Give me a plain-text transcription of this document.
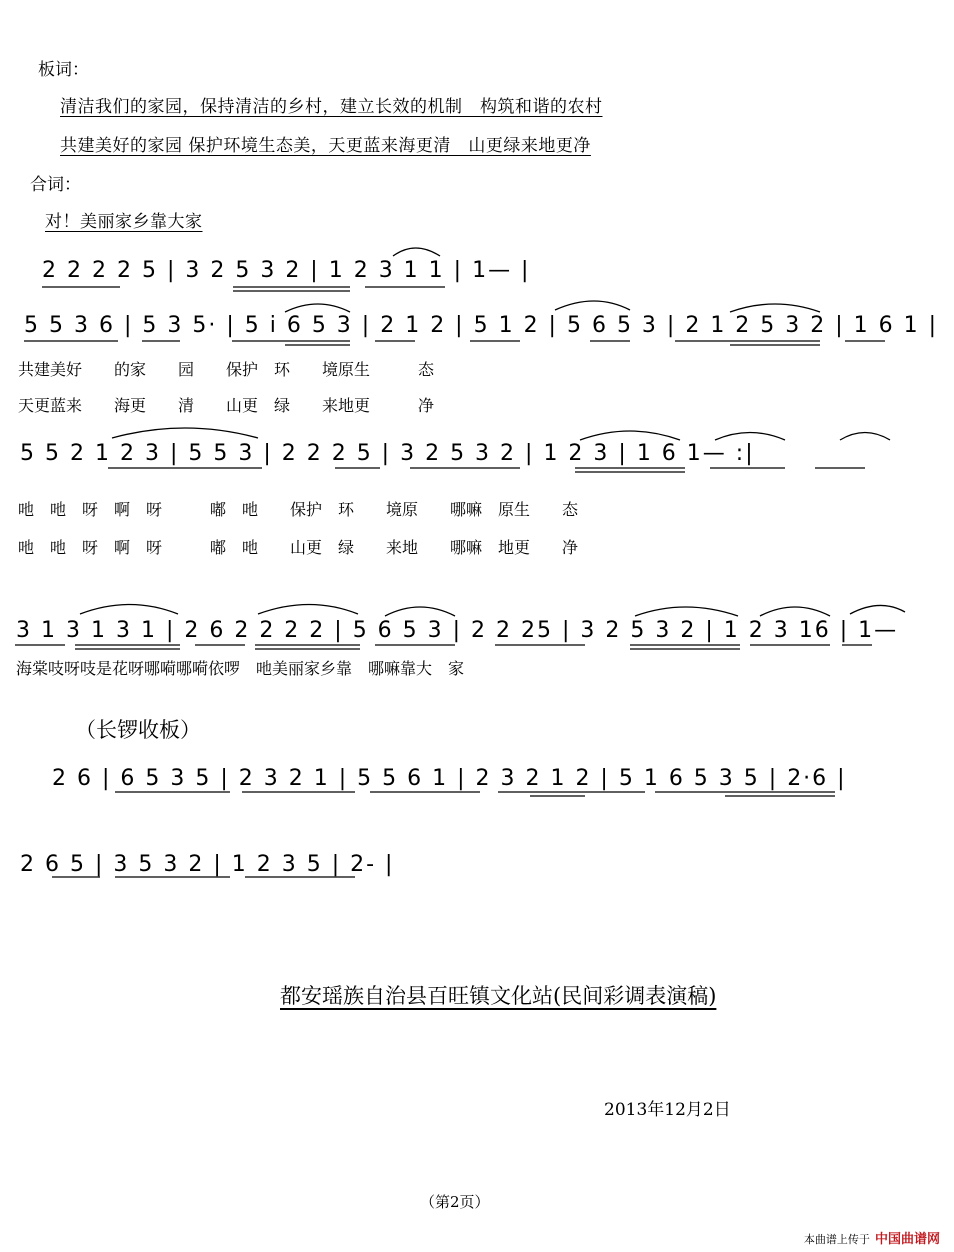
板词：
清洁我们的家园，保持清洁的乡村，建立长效的机制　构筑和谐的农村
共建美好的家园 保护环境生态美，天更蓝来海更清　山更绿来地更净
合词：
对！美丽家乡靠大家
2 2 2 2 5 | 3 2 5 3 2 | 1 2 3 1 1 | 1— |
5 5 3 6 | 5 3 5· | 5 i 6 5 3 | 2 1 2 | 5 1 2 | 5 6 5 3 | 2 1 2 5 3 2 | 1 6 1 |
共建美好　　的家　　园　　保护　环　　境原生　　　态
天更蓝来　　海更　　清　　山更　绿　　来地更　　　净
5 5 2 1 2 3 | 5 5 3 | 2 2 2 5 | 3 2 5 3 2 | 1 2 3 | 1 6 1— :|
吔　吔　呀　啊　呀　　　嘟　吔　　保护　环　　境原　　哪嘛　原生　　态
吔　吔　呀　啊　呀　　　嘟　吔　　山更　绿　　来地　　哪嘛　地更　　净
3 1 3 1 3 1 | 2 6 2 2 2 2 | 5 6 5 3 | 2 2 25 | 3 2 5 3 2 | 1 2 3 16 | 1—
海棠吱呀吱是花呀哪嗬哪嗬依啰　吔美丽家乡靠　哪嘛靠大　家
（长锣收板）
2 6 | 6 5 3 5 | 2 3 2 1 | 5 5 6 1 | 2 3 2 1 2 | 5 1 6 5 3 5 | 2·6 |
2 6 5 | 3 5 3 2 | 1 2 3 5 | 2- |
都安瑶族自治县百旺镇文化站(民间彩调表演稿)
2013年12月2日
（第2页）
本曲谱上传于 中国曲谱网
